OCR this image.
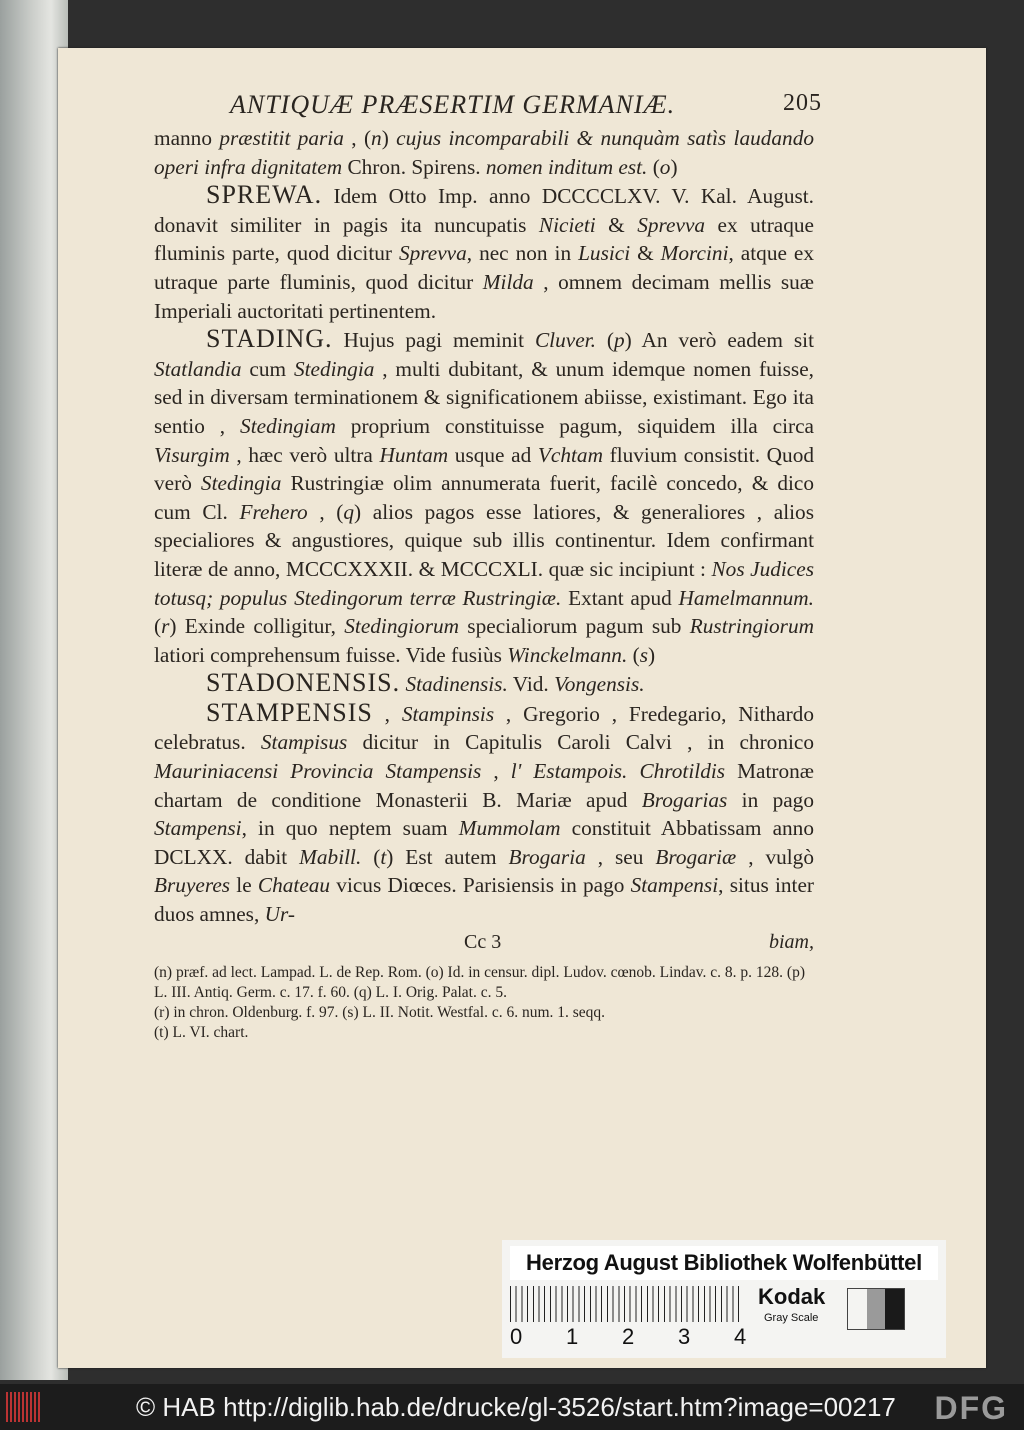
ANTIQUÆ PRÆSERTIM GERMANIÆ.	205

manno præstitit paria , (n) cujus incomparabili & nunquàm satìs laudando operi infra dignitatem Chron. Spirens. nomen inditum est. (o)

SPREWA. Idem Otto Imp. anno DCCCCLXV. V. Kal. August. donavit similiter in pagis ita nuncupatis Nicieti & Sprevva ex utraque fluminis parte, quod dicitur Sprevva, nec non in Lusici & Morcini, atque ex utraque parte fluminis, quod dicitur Milda , omnem decimam mellis suæ Imperiali auctoritati pertinentem.

STADING. Hujus pagi meminit Cluver. (p) An verò eadem sit Statlandia cum Stedingia , multi dubitant, & unum idemque nomen fuisse, sed in diversam terminationem & significationem abiisse, existimant. Ego ita sentio , Stedingiam proprium constituisse pagum, siquidem illa circa Visurgim , hæc verò ultra Huntam usque ad Vchtam fluvium consistit. Quod verò Stedingia Rustringiæ olim annumerata fuerit, facilè concedo, & dico cum Cl. Frehero , (q) alios pagos esse latiores, & generaliores , alios specialiores & angustiores, quique sub illis continentur. Idem confirmant literæ de anno, MCCCXXXII. & MCCCXLI. quæ sic incipiunt : Nos Judices totusq; populus Stedingorum terræ Rustringiæ. Extant apud Hamelmannum. (r) Exinde colligitur, Stedingiorum specialiorum pagum sub Rustringiorum latiori comprehensum fuisse. Vide fusiùs Winckelmann. (s)

STADONENSIS. Stadinensis. Vid. Vongensis.

STAMPENSIS , Stampinsis , Gregorio , Fredegario, Nithardo celebratus. Stampisus dicitur in Capitulis Caroli Calvi , in chronico Mauriniacensi Provincia Stampensis , l' Estampois. Chrotildis Matronæ chartam de conditione Monasterii B. Mariæ apud Brogarias in pago Stampensi, in quo neptem suam Mummolam constituit Abbatissam anno DCLXX. dabit Mabill. (t) Est autem Brogaria , seu Brogariæ , vulgò Bruyeres le Chateau vicus Diœces. Parisiensis in pago Stampensi, situs inter duos amnes, Ur-

Cc 3	biam,

(n) præf. ad lect. Lampad. L. de Rep. Rom. (o) Id. in censur. dipl. Ludov. cœnob. Lindav. c. 8. p. 128. (p) L. III. Antiq. Germ. c. 17. f. 60. (q) L. I. Orig. Palat. c. 5.

(r) in chron. Oldenburg. f. 97. (s) L. II. Notit. Westfal. c. 6. num. 1. seqq.

(t) L. VI. chart.

Herzog August Bibliothek Wolfenbüttel
0 1 2 3 4
Kodak
Gray Scale
© HAB http://diglib.hab.de/drucke/gl-3526/start.htm?image=00217 DFG
